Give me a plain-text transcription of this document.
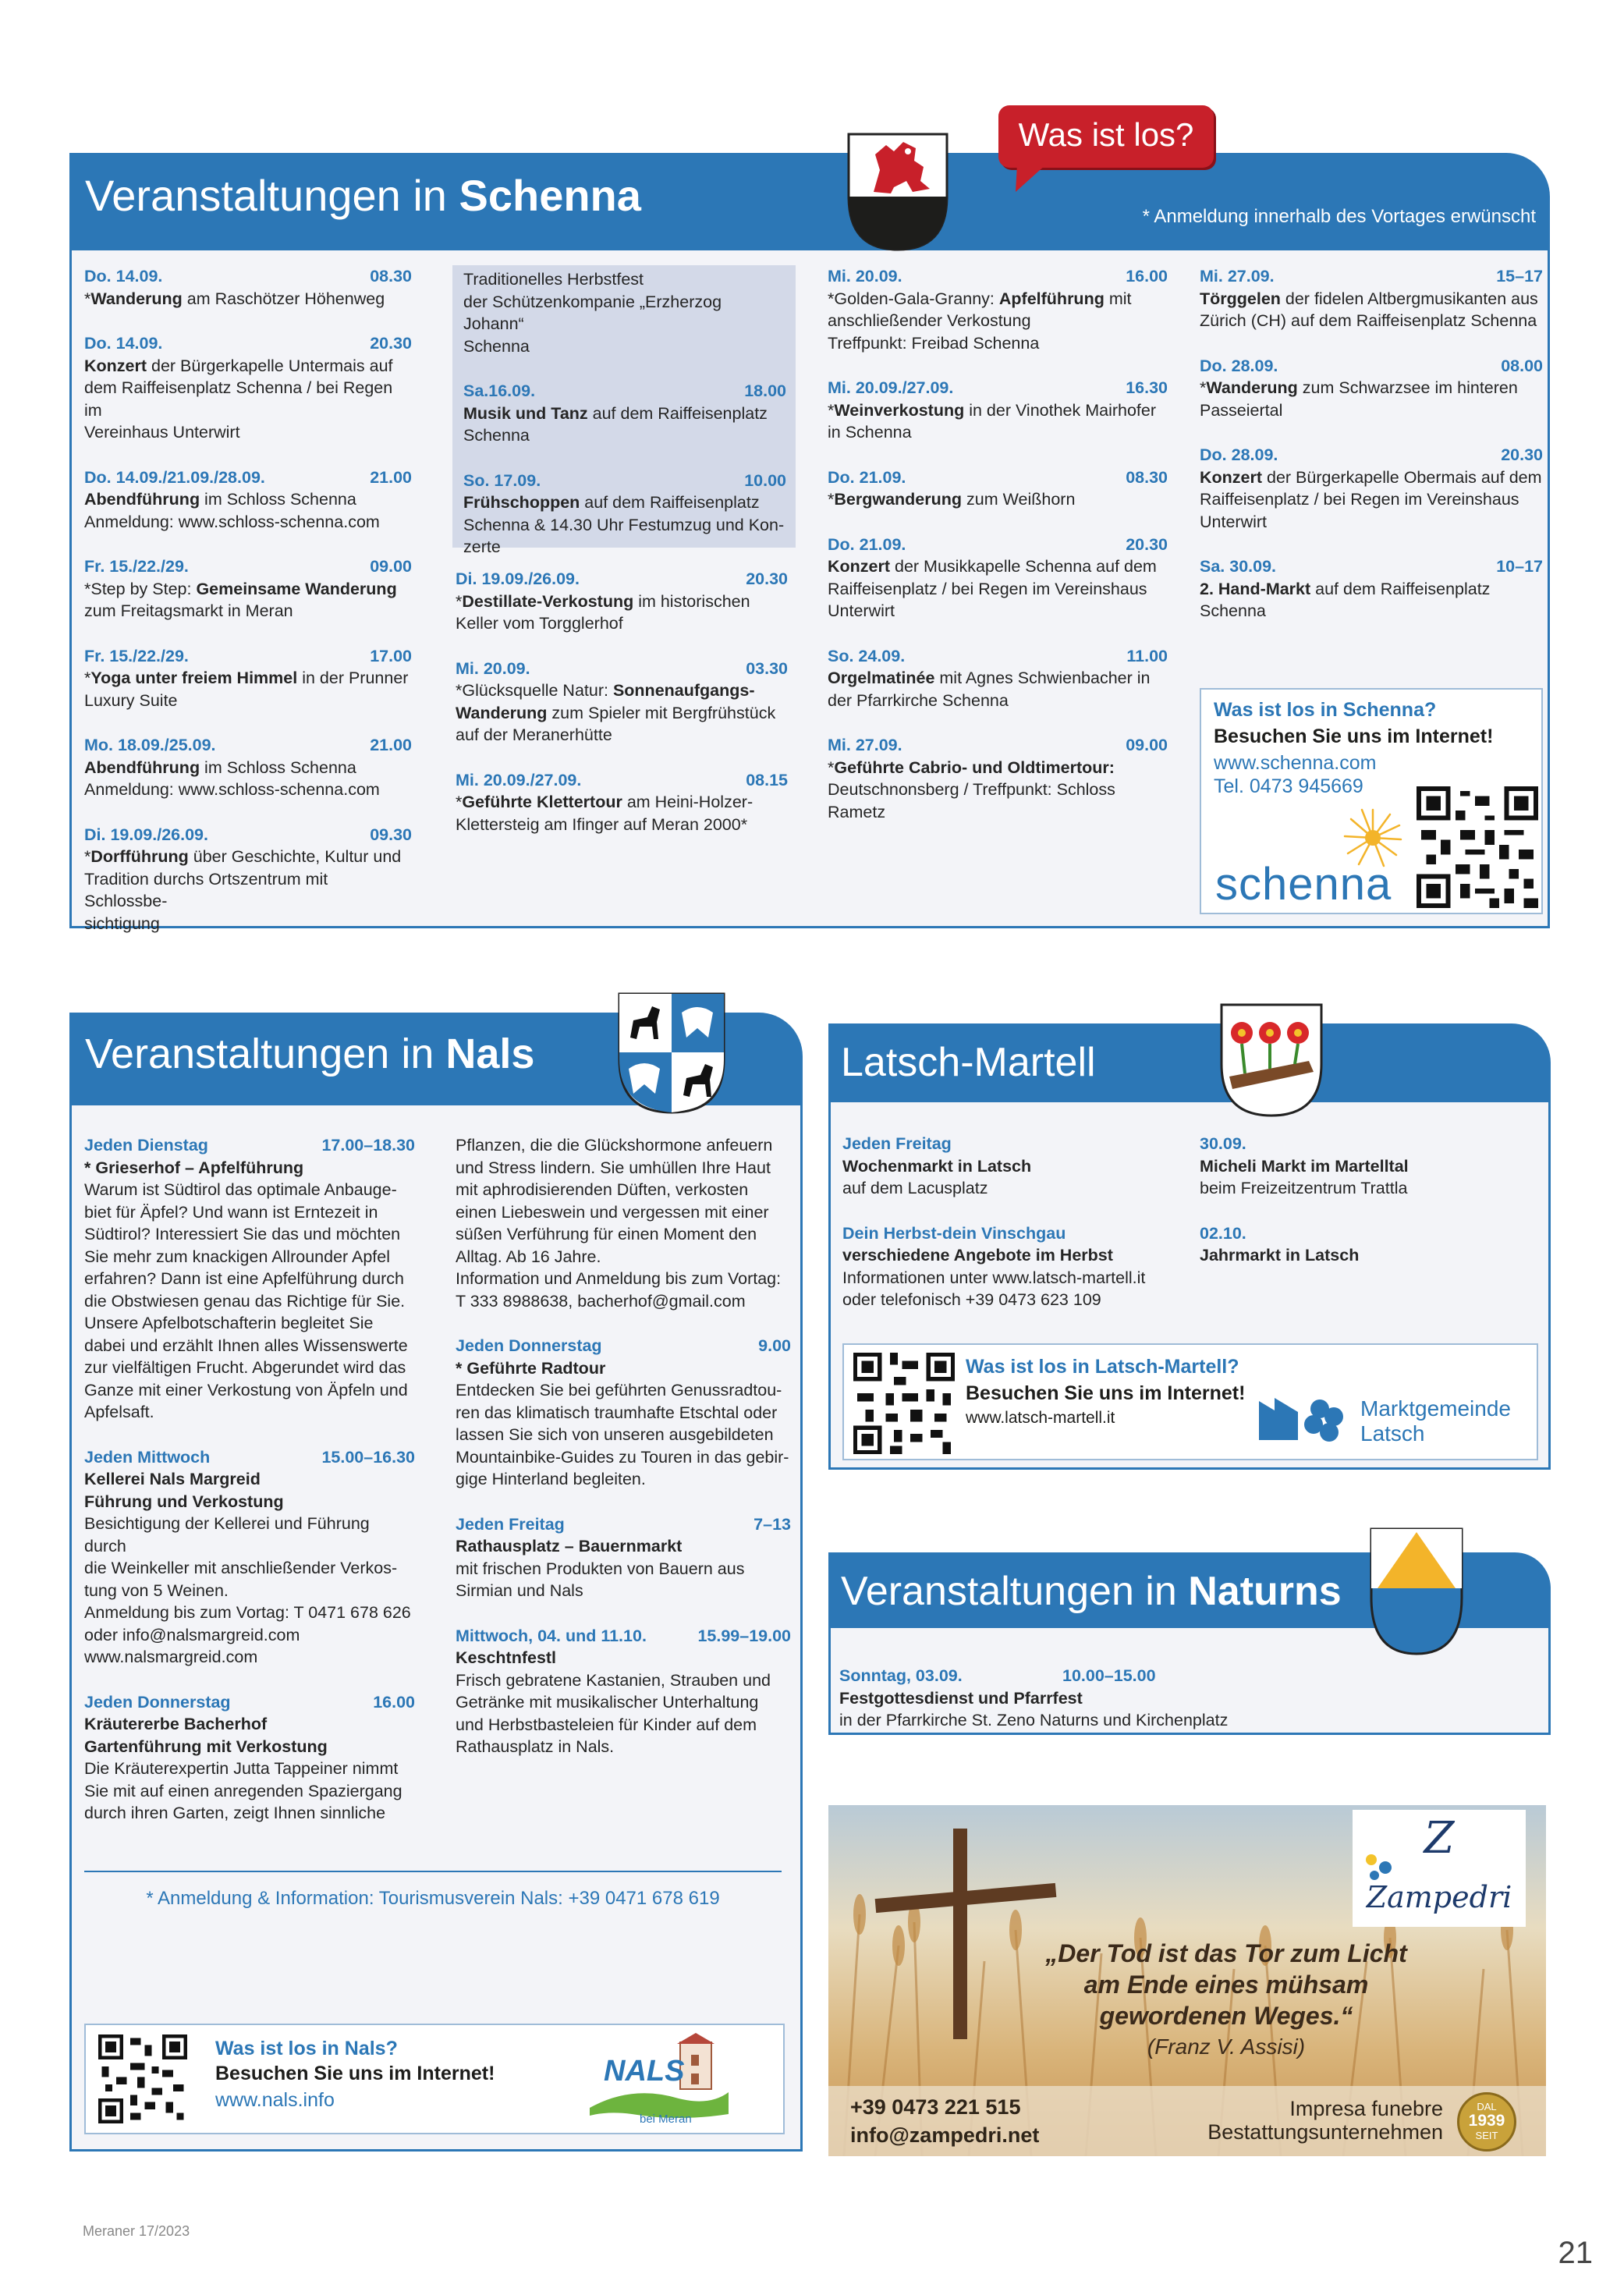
Veranstaltungen in Schenna	* Anmeldung innerhalb des Vortages erwünscht
Was ist los?
Do. 14.09.	08.30
*Wanderung am Raschötzer Höhenweg
Do. 14.09.	20.30
Konzert der Bürgerkapelle Untermais auf
dem Raiffeisenplatz Schenna / bei Regen im
Vereinhaus Unterwirt
Do. 14.09./21.09./28.09.	21.00
Abendführung im Schloss Schenna
Anmeldung: www.schloss-schenna.com
Fr. 15./22./29.	09.00
*Step by Step: Gemeinsame Wanderung
zum Freitagsmarkt in Meran
Fr. 15./22./29.	17.00
*Yoga unter freiem Himmel in der Prunner
Luxury Suite
Mo. 18.09./25.09.	21.00
Abendführung im Schloss Schenna
Anmeldung: www.schloss-schenna.com
Di. 19.09./26.09.	09.30
*Dorfführung über Geschichte, Kultur und
Tradition durchs Ortszentrum mit Schlossbe-
sichtigung
Traditionelles Herbstfest
der Schützenkompanie „Erzherzog Johann“
Schenna
Sa.16.09.	18.00
Musik und Tanz auf dem Raiffeisenplatz
Schenna
So. 17.09.	10.00
Frühschoppen auf dem Raiffeisenplatz
Schenna & 14.30 Uhr Festumzug und Kon-
zerte
Di. 19.09./26.09.	20.30
*Destillate-Verkostung im historischen
Keller vom Torgglerhof
Mi. 20.09.	03.30
*Glücksquelle Natur: Sonnenaufgangs-
Wanderung zum Spieler mit Bergfrühstück
auf der Meranerhütte
Mi. 20.09./27.09.	08.15
*Geführte Klettertour am Heini-Holzer-
Klettersteig am Ifinger auf Meran 2000*
Mi. 20.09.	16.00
*Golden-Gala-Granny: Apfelführung mit
anschließender Verkostung
Treffpunkt: Freibad Schenna
Mi. 20.09./27.09.	16.30
*Weinverkostung in der Vinothek Mairhofer
in Schenna
Do. 21.09.	08.30
*Bergwanderung zum Weißhorn
Do. 21.09.	20.30
Konzert der Musikkapelle Schenna auf dem
Raiffeisenplatz / bei Regen im Vereinshaus
Unterwirt
So. 24.09.	11.00
Orgelmatinée mit Agnes Schwienbacher in
der Pfarrkirche Schenna
Mi. 27.09.	09.00
*Geführte Cabrio- und Oldtimertour:
Deutschnonsberg / Treffpunkt: Schloss
Rametz
Mi. 27.09.	15–17
Törggelen der fidelen Altbergmusikanten aus
Zürich (CH) auf dem Raiffeisenplatz Schenna
Do. 28.09.	08.00
*Wanderung zum Schwarzsee im hinteren
Passeiertal
Do. 28.09.	20.30
Konzert der Bürgerkapelle Obermais auf dem
Raiffeisenplatz / bei Regen im Vereinshaus
Unterwirt
Sa. 30.09.	10–17
2. Hand-Markt auf dem Raiffeisenplatz
Schenna
Was ist los in Schenna?
Besuchen Sie uns im Internet!
www.schenna.com
Tel. 0473 945669
schenna
Veranstaltungen in Nals
Jeden Dienstag	17.00–18.30
* Grieserhof – Apfelführung
Warum ist Südtirol das optimale Anbauge-
biet für Äpfel? Und wann ist Erntezeit in
Südtirol? Interessiert Sie das und möchten
Sie mehr zum knackigen Allrounder Apfel
erfahren? Dann ist eine Apfelführung durch
die Obstwiesen genau das Richtige für Sie.
Unsere Apfelbotschafterin begleitet Sie
dabei und erzählt Ihnen alles Wissenswerte
zur vielfältigen Frucht. Abgerundet wird das
Ganze mit einer Verkostung von Äpfeln und
Apfelsaft.
Jeden Mittwoch	15.00–16.30
Kellerei Nals Margreid
Führung und Verkostung
Besichtigung der Kellerei und Führung durch
die Weinkeller mit anschließender Verkos-
tung von 5 Weinen.
Anmeldung bis zum Vortag: T 0471 678 626
oder info@nalsmargreid.com
www.nalsmargreid.com
Jeden Donnerstag	16.00
Kräutererbe Bacherhof
Gartenführung mit Verkostung
Die Kräuterexpertin Jutta Tappeiner nimmt
Sie mit auf einen anregenden Spaziergang
durch ihren Garten, zeigt Ihnen sinnliche
Pflanzen, die die Glückshormone anfeuern
und Stress lindern. Sie umhüllen Ihre Haut
mit aphrodisierenden Düften, verkosten
einen Liebeswein und vergessen mit einer
süßen Verführung für einen Moment den
Alltag. Ab 16 Jahre.
Information und Anmeldung bis zum Vortag:
T 333 8988638, bacherhof@gmail.com
Jeden Donnerstag	9.00
* Geführte Radtour
Entdecken Sie bei geführten Genussradtou-
ren das klimatisch traumhafte Etschtal oder
lassen Sie sich von unseren ausgebildeten
Mountainbike-Guides zu Touren in das gebir-
gige Hinterland begleiten.
Jeden Freitag	7–13
Rathausplatz – Bauernmarkt
mit frischen Produkten von Bauern aus
Sirmian und Nals
Mittwoch, 04. und 11.10.	15.99–19.00
Keschtnfestl
Frisch gebratene Kastanien, Strauben und
Getränke mit musikalischer Unterhaltung
und Herbstbasteleien für Kinder auf dem
Rathausplatz in Nals.
* Anmeldung & Information: Tourismusverein Nals: +39 0471 678 619
Was ist los in Nals?
Besuchen Sie uns im Internet!
www.nals.info
NALS
bei Meran
Latsch-Martell
Jeden Freitag
Wochenmarkt in Latsch
auf dem Lacusplatz
Dein Herbst-dein Vinschgau
verschiedene Angebote im Herbst
Informationen unter www.latsch-martell.it
oder telefonisch +39 0473 623 109
30.09.
Micheli Markt im Martelltal
beim Freizeitzentrum Trattla
02.10.
Jahrmarkt in Latsch
Was ist los in Latsch-Martell?
Besuchen Sie uns im Internet!
www.latsch-martell.it	Marktgemeinde
Latsch
Veranstaltungen in Naturns
Sonntag, 03.09.	10.00–15.00
Festgottesdienst und Pfarrfest
in der Pfarrkirche St. Zeno Naturns und Kirchenplatz
Z
Zampedri
„Der Tod ist das Tor zum Licht
am Ende eines mühsam
gewordenen Weges.“
(Franz V. Assisi)
+39 0473 221 515
info@zampedri.net
Impresa funebre
Bestattungsunternehmen
DAL
1939
SEIT
Meraner 17/2023
21
